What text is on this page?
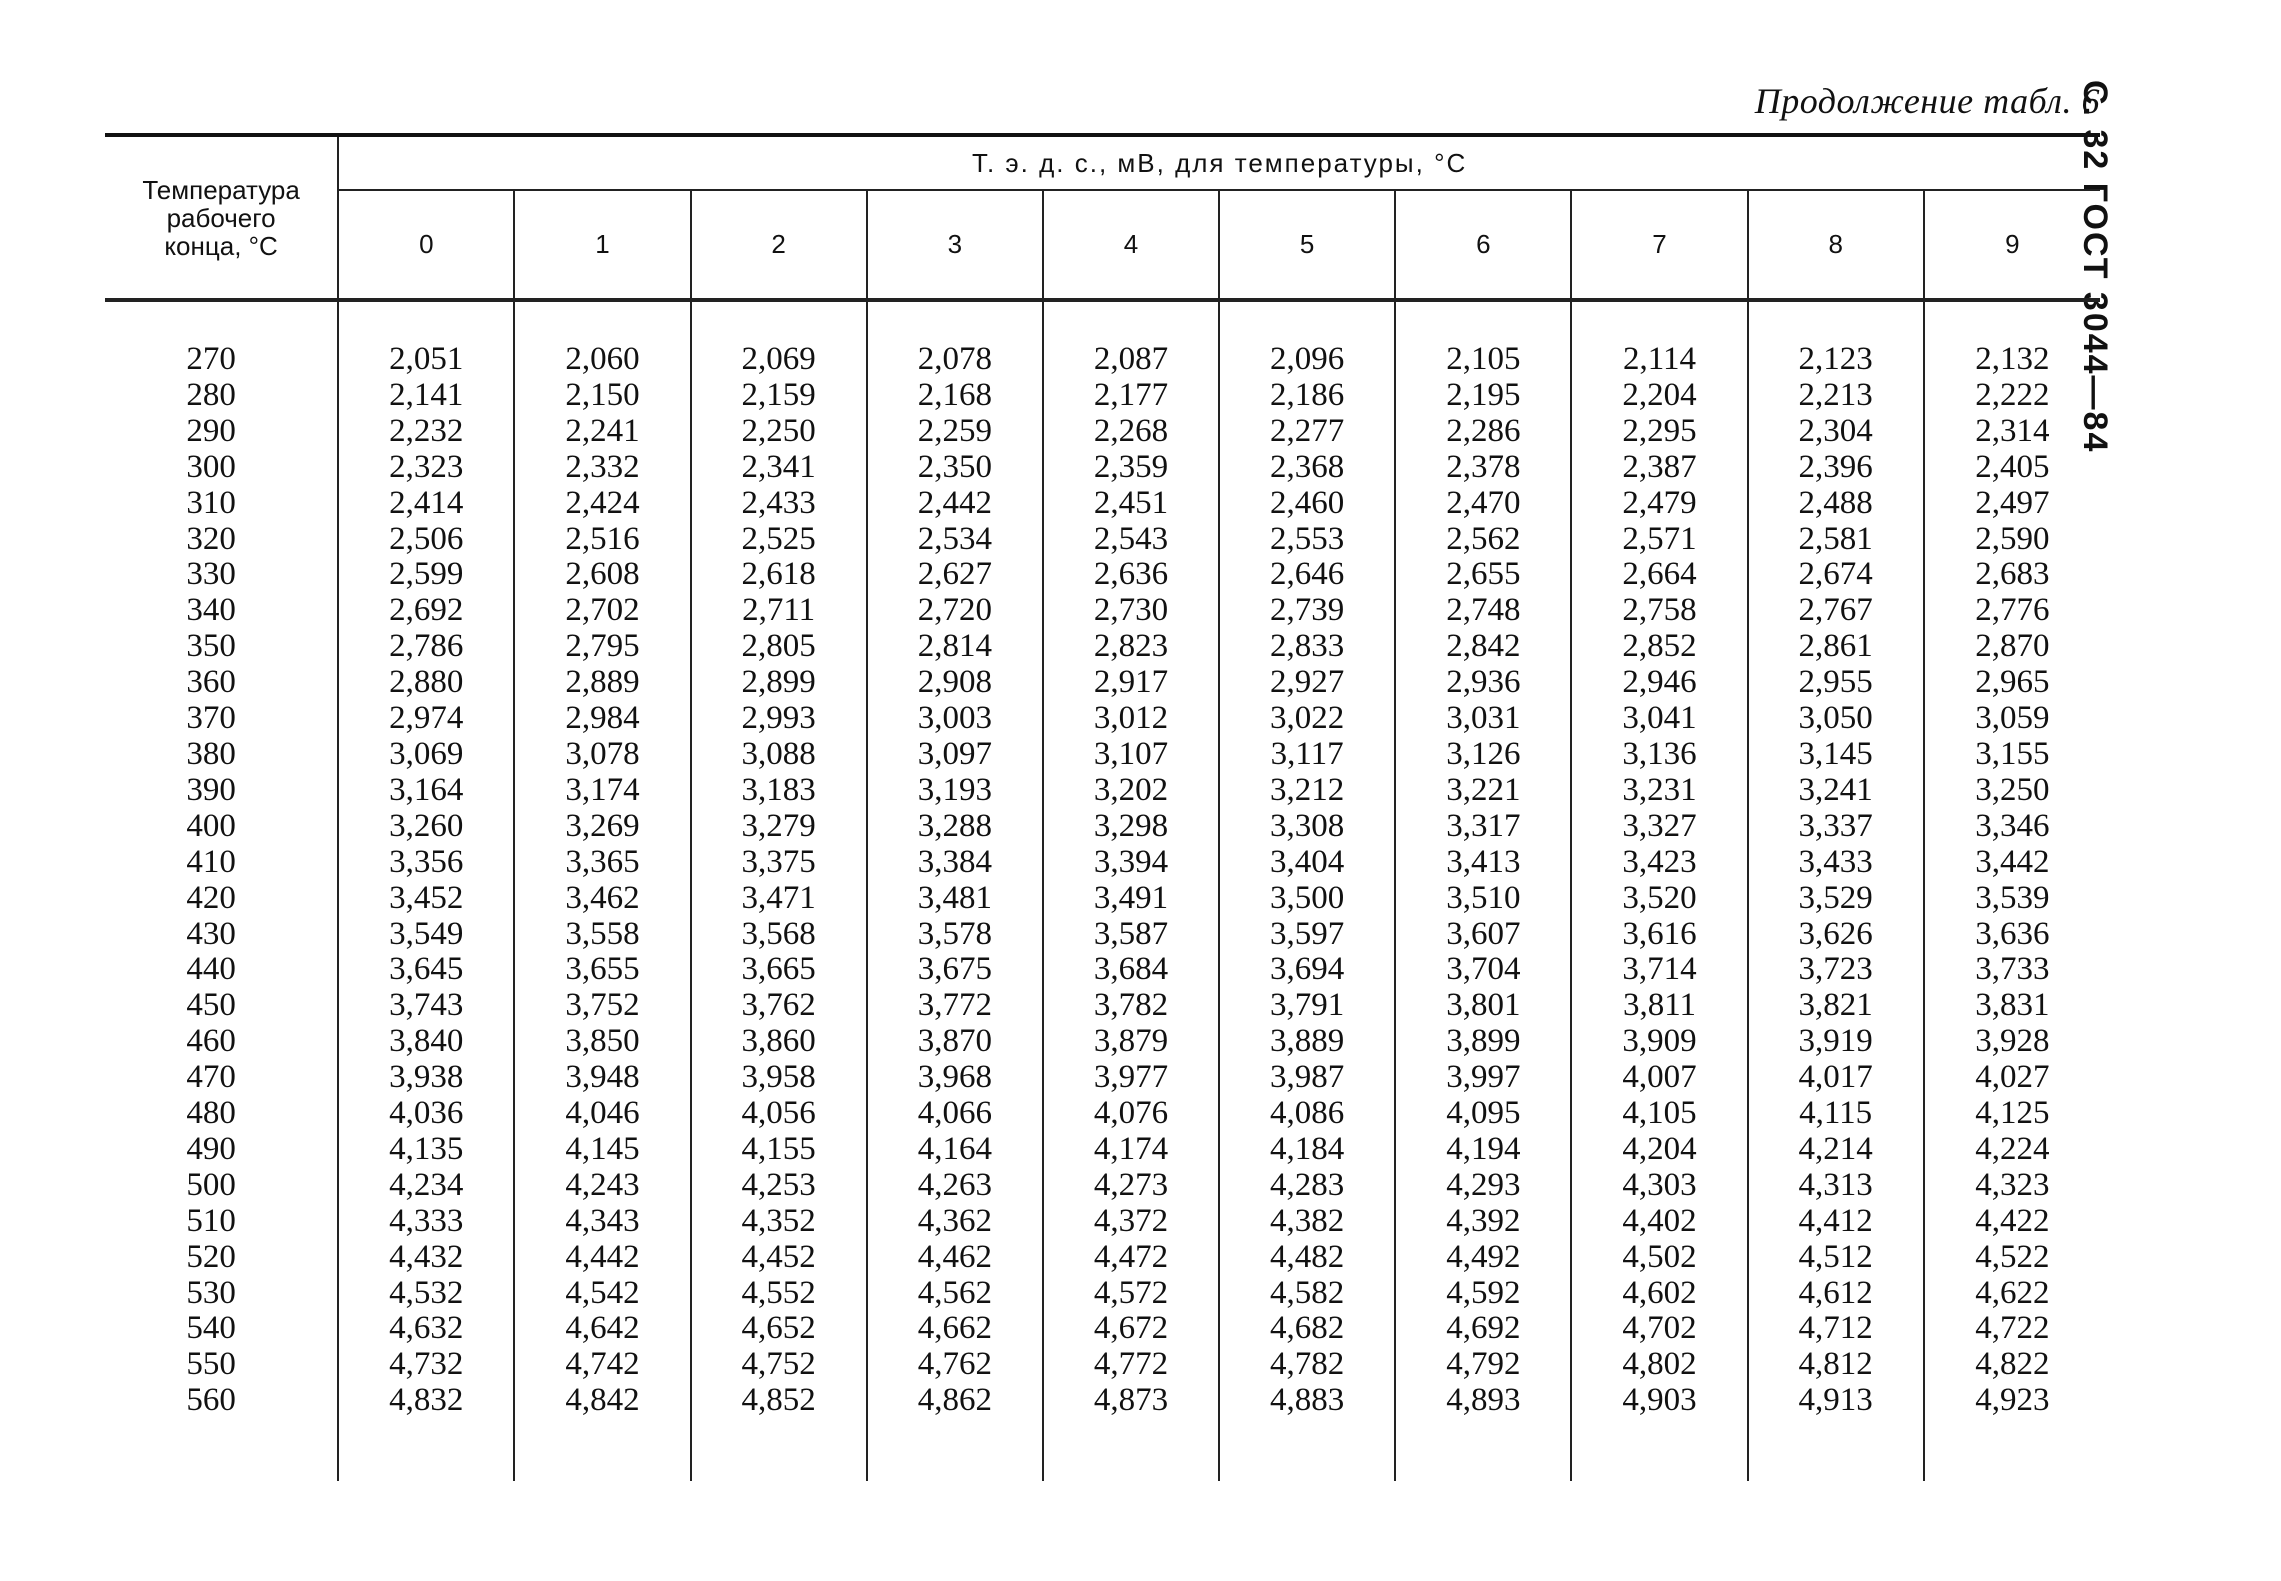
Продолжение табл. 6
С. 32 ГОСТ 3044—84
Температура
рабочего
конца, °С	Т. э. д. с., мВ, для температуры, °С									
	0	1	2	3	4	5	6	7	8	9

270	2,051	2,060	2,069	2,078	2,087	2,096	2,105	2,114	2,123	2,132
280	2,141	2,150	2,159	2,168	2,177	2,186	2,195	2,204	2,213	2,222
290	2,232	2,241	2,250	2,259	2,268	2,277	2,286	2,295	2,304	2,314
300	2,323	2,332	2,341	2,350	2,359	2,368	2,378	2,387	2,396	2,405
310	2,414	2,424	2,433	2,442	2,451	2,460	2,470	2,479	2,488	2,497
320	2,506	2,516	2,525	2,534	2,543	2,553	2,562	2,571	2,581	2,590
330	2,599	2,608	2,618	2,627	2,636	2,646	2,655	2,664	2,674	2,683
340	2,692	2,702	2,711	2,720	2,730	2,739	2,748	2,758	2,767	2,776
350	2,786	2,795	2,805	2,814	2,823	2,833	2,842	2,852	2,861	2,870
360	2,880	2,889	2,899	2,908	2,917	2,927	2,936	2,946	2,955	2,965
370	2,974	2,984	2,993	3,003	3,012	3,022	3,031	3,041	3,050	3,059
380	3,069	3,078	3,088	3,097	3,107	3,117	3,126	3,136	3,145	3,155
390	3,164	3,174	3,183	3,193	3,202	3,212	3,221	3,231	3,241	3,250
400	3,260	3,269	3,279	3,288	3,298	3,308	3,317	3,327	3,337	3,346
410	3,356	3,365	3,375	3,384	3,394	3,404	3,413	3,423	3,433	3,442
420	3,452	3,462	3,471	3,481	3,491	3,500	3,510	3,520	3,529	3,539
430	3,549	3,558	3,568	3,578	3,587	3,597	3,607	3,616	3,626	3,636
440	3,645	3,655	3,665	3,675	3,684	3,694	3,704	3,714	3,723	3,733
450	3,743	3,752	3,762	3,772	3,782	3,791	3,801	3,811	3,821	3,831
460	3,840	3,850	3,860	3,870	3,879	3,889	3,899	3,909	3,919	3,928
470	3,938	3,948	3,958	3,968	3,977	3,987	3,997	4,007	4,017	4,027
480	4,036	4,046	4,056	4,066	4,076	4,086	4,095	4,105	4,115	4,125
490	4,135	4,145	4,155	4,164	4,174	4,184	4,194	4,204	4,214	4,224
500	4,234	4,243	4,253	4,263	4,273	4,283	4,293	4,303	4,313	4,323
510	4,333	4,343	4,352	4,362	4,372	4,382	4,392	4,402	4,412	4,422
520	4,432	4,442	4,452	4,462	4,472	4,482	4,492	4,502	4,512	4,522
530	4,532	4,542	4,552	4,562	4,572	4,582	4,592	4,602	4,612	4,622
540	4,632	4,642	4,652	4,662	4,672	4,682	4,692	4,702	4,712	4,722
550	4,732	4,742	4,752	4,762	4,772	4,782	4,792	4,802	4,812	4,822
560	4,832	4,842	4,852	4,862	4,873	4,883	4,893	4,903	4,913	4,923
